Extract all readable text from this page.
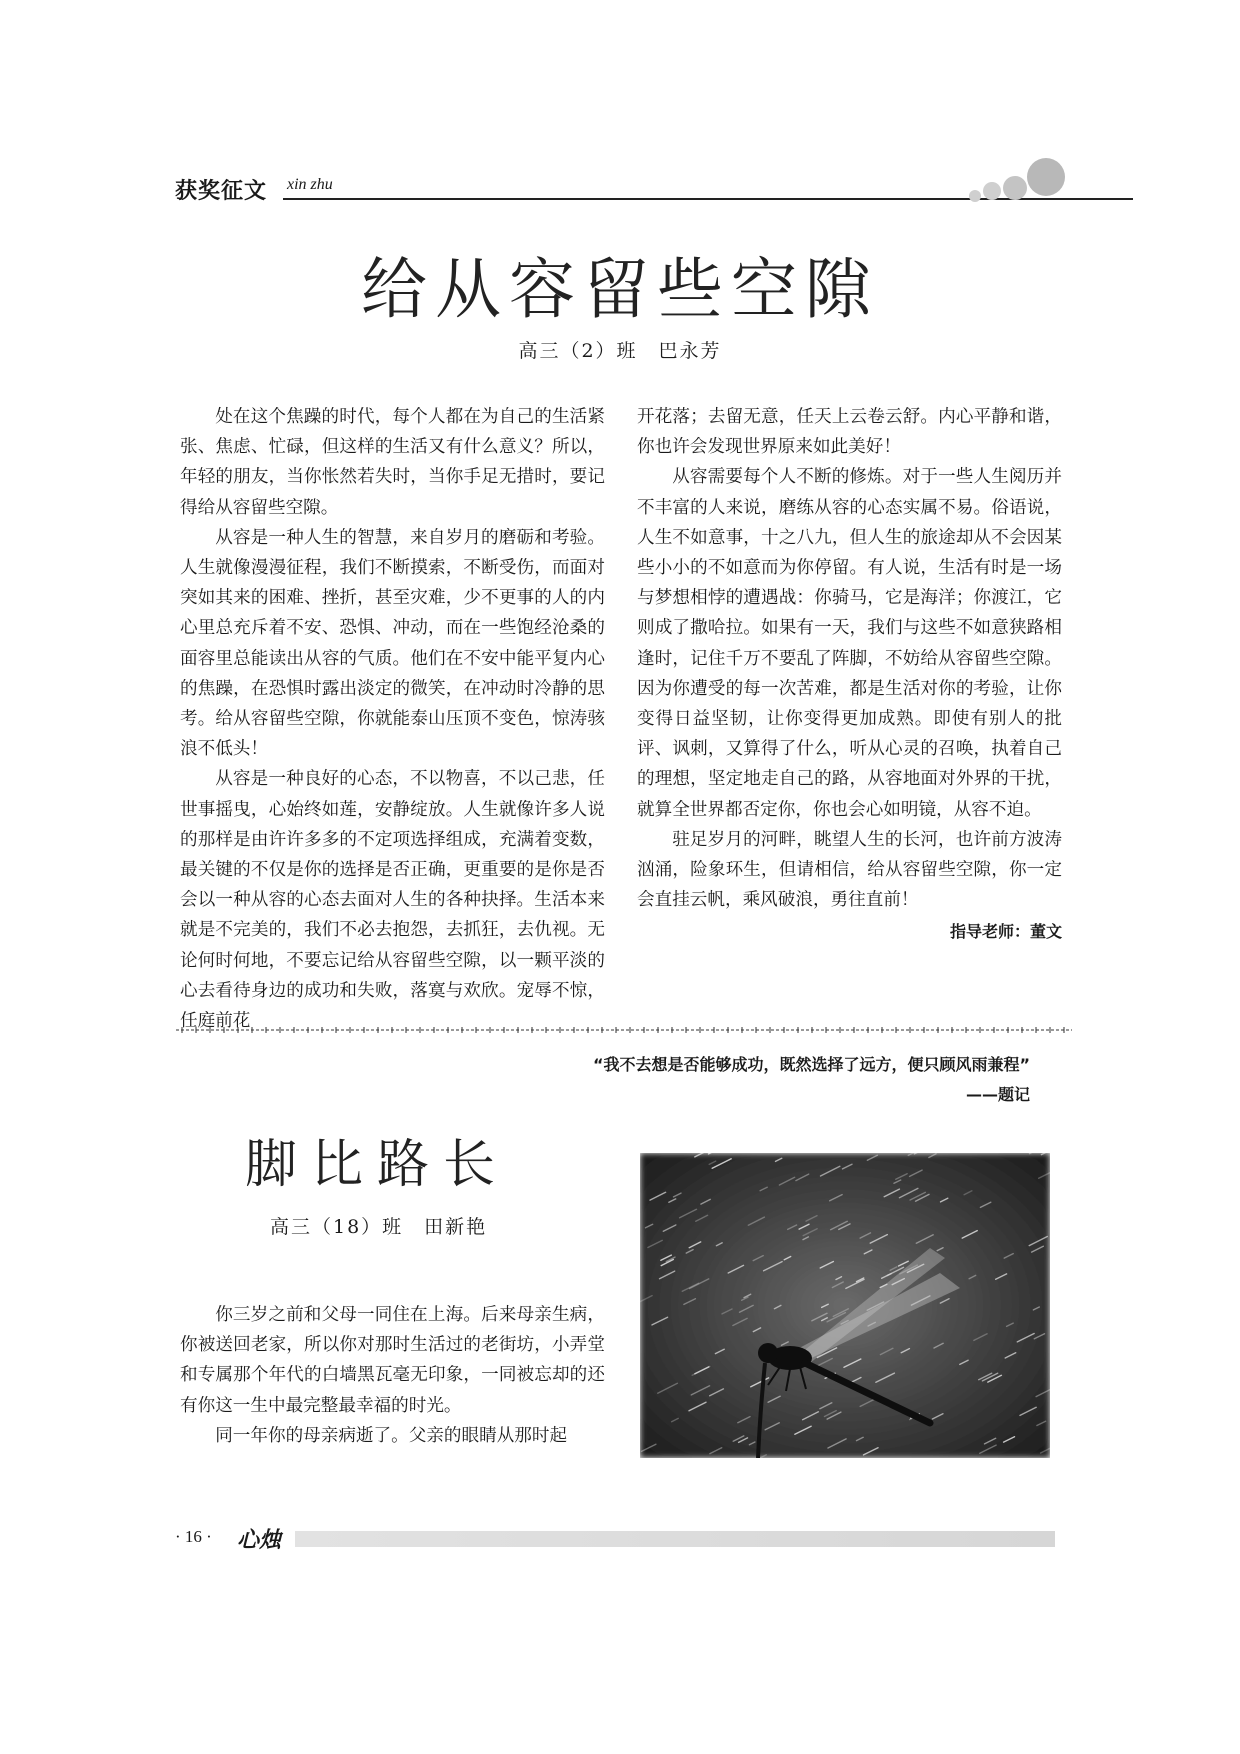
获奖征文 xin zhu
给从容留些空隙
高三（2）班　巴永芳

处在这个焦躁的时代，每个人都在为自己的生活紧张、焦虑、忙碌，但这样的生活又有什么意义？所以，年轻的朋友，当你怅然若失时，当你手足无措时，要记得给从容留些空隙。

从容是一种人生的智慧，来自岁月的磨砺和考验。人生就像漫漫征程，我们不断摸索，不断受伤，而面对突如其来的困难、挫折，甚至灾难，少不更事的人的内心里总充斥着不安、恐惧、冲动，而在一些饱经沧桑的面容里总能读出从容的气质。他们在不安中能平复内心的焦躁，在恐惧时露出淡定的微笑，在冲动时冷静的思考。给从容留些空隙，你就能泰山压顶不变色，惊涛骇浪不低头！

从容是一种良好的心态，不以物喜，不以己悲，任世事摇曳，心始终如莲，安静绽放。人生就像许多人说的那样是由许许多多的不定项选择组成，充满着变数，最关键的不仅是你的选择是否正确，更重要的是你是否会以一种从容的心态去面对人生的各种抉择。生活本来就是不完美的，我们不必去抱怨，去抓狂，去仇视。无论何时何地，不要忘记给从容留些空隙，以一颗平淡的心去看待身边的成功和失败，落寞与欢欣。宠辱不惊，任庭前花

开花落；去留无意，任天上云卷云舒。内心平静和谐，你也许会发现世界原来如此美好！

从容需要每个人不断的修炼。对于一些人生阅历并不丰富的人来说，磨练从容的心态实属不易。俗语说，人生不如意事，十之八九，但人生的旅途却从不会因某些小小的不如意而为你停留。有人说，生活有时是一场与梦想相悖的遭遇战：你骑马，它是海洋；你渡江，它则成了撒哈拉。如果有一天，我们与这些不如意狭路相逢时，记住千万不要乱了阵脚，不妨给从容留些空隙。因为你遭受的每一次苦难，都是生活对你的考验，让你变得日益坚韧，让你变得更加成熟。即使有别人的批评、讽刺，又算得了什么，听从心灵的召唤，执着自己的理想，坚定地走自己的路，从容地面对外界的干扰，就算全世界都否定你，你也会心如明镜，从容不迫。

驻足岁月的河畔，眺望人生的长河，也许前方波涛汹涌，险象环生，但请相信，给从容留些空隙，你一定会直挂云帆，乘风破浪，勇往直前！

指导老师：董文
“我不去想是否能够成功，既然选择了远方，便只顾风雨兼程”
——题记
脚比路长
高三（18）班　田新艳

你三岁之前和父母一同住在上海。后来母亲生病，你被送回老家，所以你对那时生活过的老街坊，小弄堂和专属那个年代的白墙黑瓦毫无印象，一同被忘却的还有你这一生中最完整最幸福的时光。

同一年你的母亲病逝了。父亲的眼睛从那时起

· 16 · 心烛
